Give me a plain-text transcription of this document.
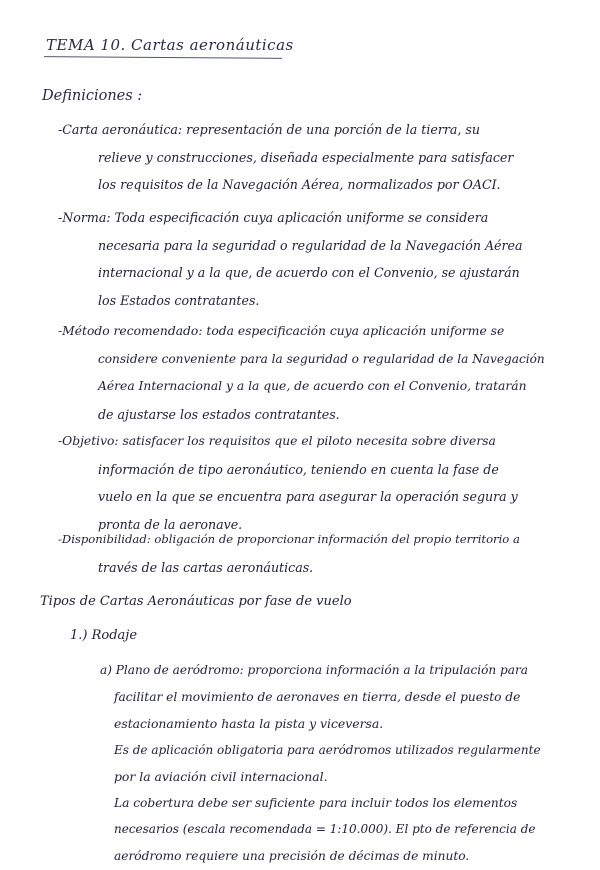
TEMA 10. Cartas aeronáuticas
Definiciones :
-Carta aeronáutica: representación de una porción de la tierra, su
relieve y construcciones, diseñada especialmente para satisfacer
los requisitos de la Navegación Aérea, normalizados por OACI.
-Norma: Toda especificación cuya aplicación uniforme se considera
necesaria para la seguridad o regularidad de la Navegación Aérea
internacional y a la que, de acuerdo con el Convenio, se ajustarán
los Estados contratantes.
-Método recomendado: toda especificación cuya aplicación uniforme se
considere conveniente para la seguridad o regularidad de la Navegación
Aérea Internacional y a la que, de acuerdo con el Convenio, tratarán
de ajustarse los estados contratantes.
-Objetivo: satisfacer los requisitos que el piloto necesita sobre diversa
información de tipo aeronáutico, teniendo en cuenta la fase de
vuelo en la que se encuentra para asegurar la operación segura y
pronta de la aeronave.
-Disponibilidad: obligación de proporcionar información del propio territorio a
través de las cartas aeronáuticas.
Tipos de Cartas Aeronáuticas por fase de vuelo
1.) Rodaje
a) Plano de aeródromo: proporciona información a la tripulación para
facilitar el movimiento de aeronaves en tierra, desde el puesto de
estacionamiento hasta la pista y viceversa.
Es de aplicación obligatoria para aeródromos utilizados regularmente
por la aviación civil internacional.
La cobertura debe ser suficiente para incluir todos los elementos
necesarios (escala recomendada = 1:10.000). El pto de referencia de
aeródromo requiere una precisión de décimas de minuto.
